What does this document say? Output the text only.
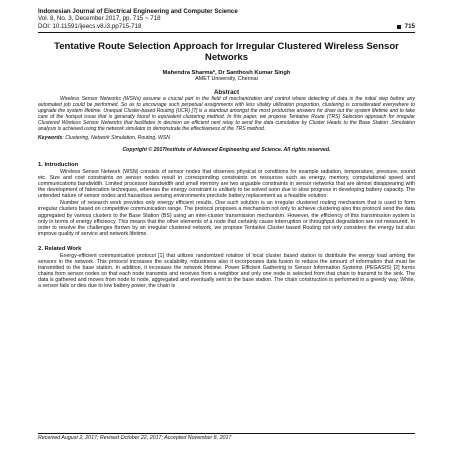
Indonesian Journal of Electrical Engineering and Computer Science
Vol. 8, No. 3, December 2017, pp. 715 ~ 718
DOI: 10.11591/ijeecs.v8.i3.pp715-718	715
Tentative Route Selection Approach for Irregular Clustered Wireless Sensor Networks
Mahendra Sharma*, Dr Santhosh Kumar Singh
AMET University, Chennai
Abstract

Wireless Sensor Networks (WSNs) assume a crucial part in the field of mechanization and control where detecting of data is the initial step before any automated job could be performed. So as to encourage such perpetual assignments with less vitality utilization proportion, clustering is considerated everywhere to upgrade the system lifetime. Unequal Cluster-based Routing (UCR) [7] is a standout amongst the most productive answers for draw out the system lifetime and to take care of the hotspot issue that is generally found in equivalent clustering method. In this paper, we propose Tentative Route (TRS) Selection approach for irregular Clustered Wireless Sensor Networks that facilitates in decision an efficient next relay to send the data cumulative by Cluster Heads to the Base Station .Simulation analysis is achieved using the network simulator to demonstrate the effectiveness of the TRS method.

Keywords: Clustering, Network Simulation, Routing, WSN
Copyright © 2017Institute of Advanced Engineering and Science. All rights reserved.
1. Introduction

Wireless Sensor Network (WSN) consists of sensor nodes that observes physical or conditions for example radiation, temperature, pressure, sound etc. Size and cost constraints on sensor nodes result in corresponding constraints on resources such as energy, memory, computational speed and communications bandwidth. Limited processor bandwidth and small memory are two arguable constraints in sensor networks that are almost disappearing with the development of fabrication techniques, whereas the energy constraint is unlikely to be solved soon due to slow progress in developing battery capacity. The untended nature of sensor nodes and hazardous sensing environments preclude battery replacement as a feasible solution.

Number of research work provides only energy efficient results. One such solution is an irregular clustered routing mechanism that is used to form irregular clusters based on competitive communication range. The protocol proposes a mechanism not only to achieve clustering also this protocol send the data aggregated by various clusters to the Base Station (BS) using an inter-cluster transmission mechanism. However, the efficiency of this transmission system is only in terms of energy efficiency. This means that the other elements of a node that certainly cause interruption or throughput degradation are not measured. In order to resolve the challenges thrown by an irregular clustered network, we propose Tentative Cluster based Routing not only considers the energy but also improve quality of service and network lifetime.

2. Related Work

Energy-efficient communication protocol [1] that utilizes randomized rotation of local cluster based station to distribute the energy load among the sensors in the network. This protocol increases the scalability, robustness also it incorporates data fusion to reduce the amount of information that must be transmitted to the base station. In addition, it increases the network lifetime. Power Efficient Gathering in Sensor Information Systems (PEGASIS) [2] forms chains from sensor nodes so that each node transmits and receives from a neighbor and only one node is selected from that chain to transmit to the sink. The data is gathered and moves from node to node, aggregated and eventually sent to the base station. The chain construction is performed in a greedy way. While, a sensor fails or dies due to low battery power, the chain is

Received August 2, 2017; Revised October 22, 2017; Accepted November 8, 2017
